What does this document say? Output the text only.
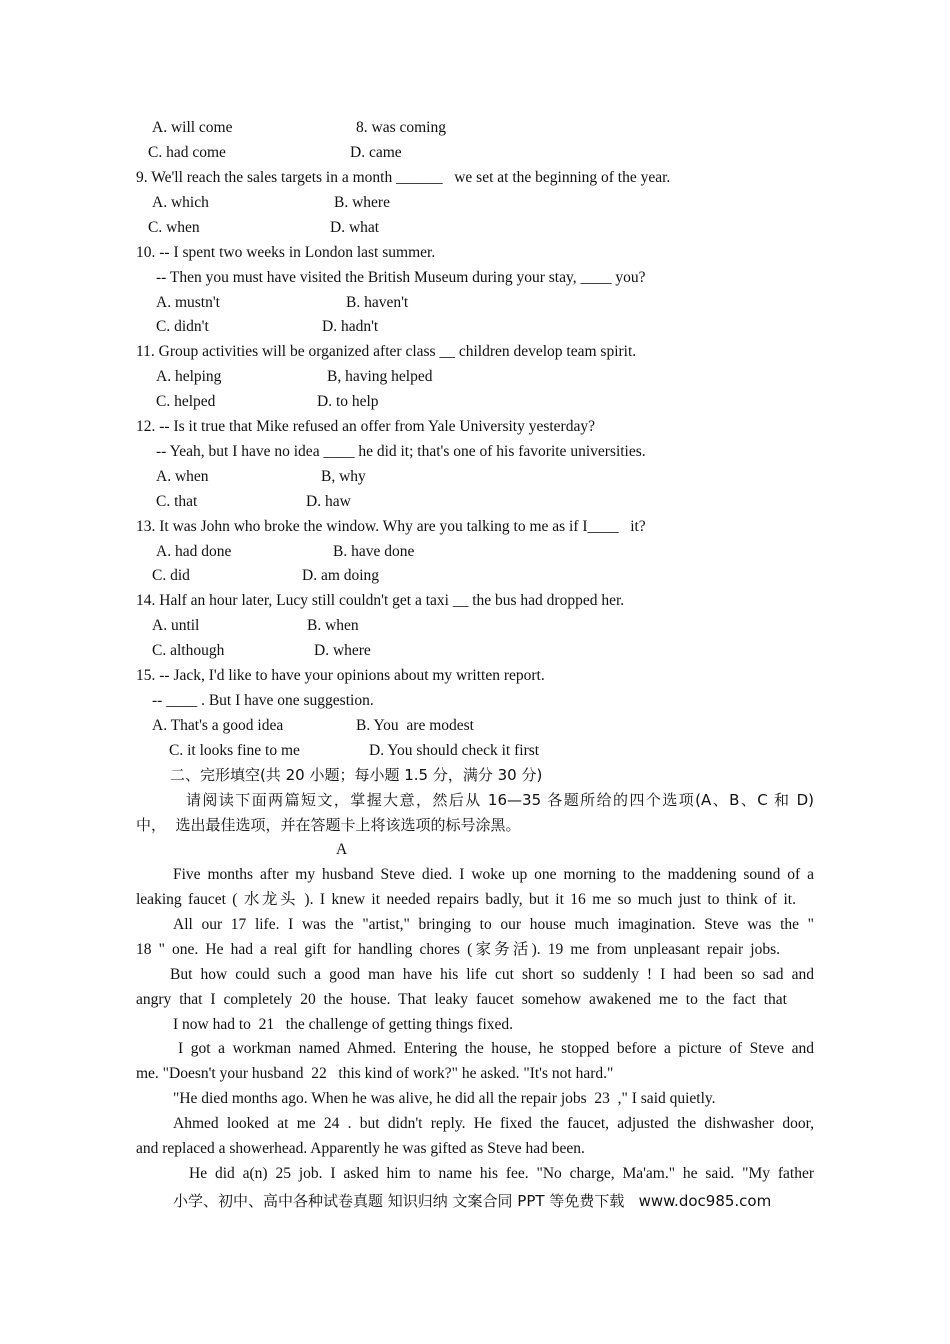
A. will come	8. was coming
C. had come	D. came
9. We'll reach the sales targets in a month ______   we set at the beginning of the year.
A. which	B. where
C. when	D. what
10. -- I spent two weeks in London last summer.
-- Then you must have visited the British Museum during your stay, ____ you?
A. mustn't	B. haven't
C. didn't	D. hadn't
11. Group activities will be organized after class __ children develop team spirit.
A. helping	B, having helped
C. helped	D. to help
12. -- Is it true that Mike refused an offer from Yale University yesterday?
-- Yeah, but I have no idea ____ he did it; that's one of his favorite universities.
A. when	B, why
C. that	D. haw
13. It was John who broke the window. Why are you talking to me as if I____   it?
A. had done	B. have done
C. did	D. am doing
14. Half an hour later, Lucy still couldn't get a taxi __ the bus had dropped her.
A. until	B. when
C. although	D. where
15. -- Jack, I'd like to have your opinions about my written report.
-- ____ . But I have one suggestion.
A. That's a good idea	B. You  are modest
C. it looks fine to me	D. You should check it first
二、完形填空(共 20 小题；每小题 1.5 分，满分 30 分)
请阅读下面两篇短文，掌握大意，然后从 16—35 各题所给的四个选项(A、B、C 和 D)
中，  选出最佳选项，并在答题卡上将该选项的标号涂黑。
A
Five months after my husband Steve died. I woke up one morning to the maddening sound of a
leaking faucet ( 水龙头 ). I knew it needed repairs badly, but it 16 me so much just to think of it.
All our 17 life. I was the "artist," bringing to our house much imagination. Steve was the "
18 " one. He had a real gift for handling chores (家务活). 19 me from unpleasant repair jobs.
But how could such a good man have his life cut short so suddenly ! I had been so sad and
angry that I completely 20 the house. That leaky faucet somehow awakened me to the fact that
I now had to  21   the challenge of getting things fixed.
I got a workman named Ahmed. Entering the house, he stopped before a picture of Steve and
me. "Doesn't your husband  22   this kind of work?" he asked. "It's not hard."
"He died months ago. When he was alive, he did all the repair jobs  23  ," I said quietly.
Ahmed looked at me 24 . but didn't reply. He fixed the faucet, adjusted the dishwasher door,
and replaced a showerhead. Apparently he was gifted as Steve had been.
He did a(n) 25 job. I asked him to name his fee. "No charge, Ma'am." he said. "My father
小学、初中、高中各种试卷真题 知识归纳 文案合同 PPT 等免费下载   www.doc985.com
